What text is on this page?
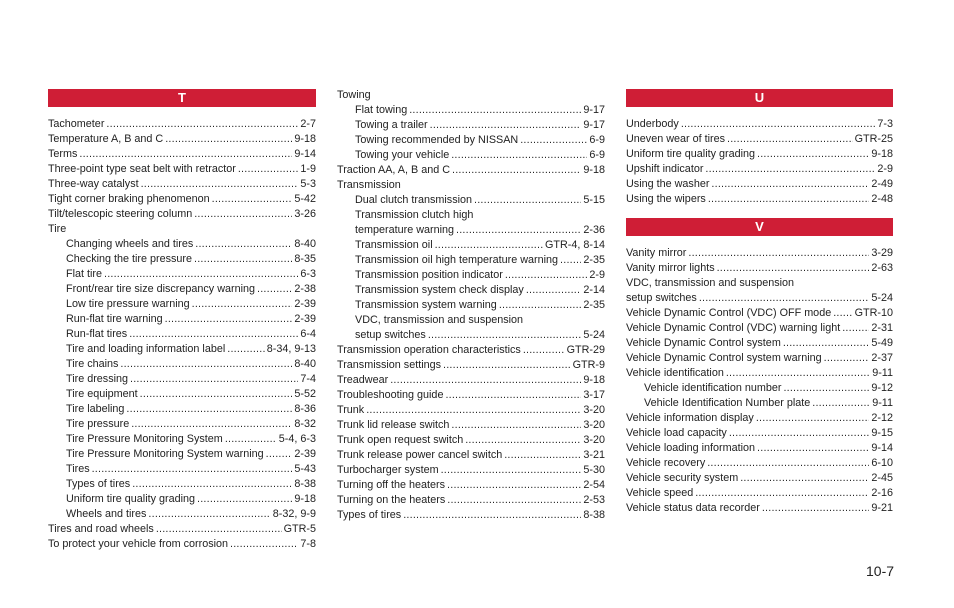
T
Tachometer .....	2-7
Temperature A, B and C .....	9-18
Terms .....	9-14
Three-point type seat belt with retractor .....	1-9
Three-way catalyst .....	5-3
Tight corner braking phenomenon .....	5-42
Tilt/telescopic steering column .....	3-26
Tire
Changing wheels and tires .....	8-40
Checking the tire pressure .....	8-35
Flat tire .....	6-3
Front/rear tire size discrepancy warning .....	2-38
Low tire pressure warning .....	2-39
Run-flat tire warning .....	2-39
Run-flat tires .....	6-4
Tire and loading information label .....	8-34, 9-13
Tire chains .....	8-40
Tire dressing .....	7-4
Tire equipment .....	5-52
Tire labeling .....	8-36
Tire pressure .....	8-32
Tire Pressure Monitoring System .....	5-4, 6-3
Tire Pressure Monitoring System warning .....	2-39
Tires .....	5-43
Types of tires .....	8-38
Uniform tire quality grading .....	9-18
Wheels and tires .....	8-32, 9-9
Tires and road wheels .....	GTR-5
To protect your vehicle from corrosion .....	7-8
Towing
Flat towing .....	9-17
Towing a trailer .....	9-17
Towing recommended by NISSAN .....	6-9
Towing your vehicle .....	6-9
Traction AA, A, B and C .....	9-18
Transmission
Dual clutch transmission .....	5-15
Transmission clutch high
temperature warning .....	2-36
Transmission oil .....	GTR-4, 8-14
Transmission oil high temperature warning ..... 2-35
Transmission position indicator .....	2-9
Transmission system check display .....	2-14
Transmission system warning .....	2-35
VDC, transmission and suspension
setup switches .....	5-24
Transmission operation characteristics .....	GTR-29
Transmission settings .....	GTR-9
Treadwear .....	9-18
Troubleshooting guide .....	3-17
Trunk .....	3-20
Trunk lid release switch .....	3-20
Trunk open request switch .....	3-20
Trunk release power cancel switch .....	3-21
Turbocharger system .....	5-30
Turning off the heaters .....	2-54
Turning on the heaters .....	2-53
Types of tires .....	8-38
U
Underbody .....	7-3
Uneven wear of tires .....	GTR-25
Uniform tire quality grading .....	9-18
Upshift indicator .....	2-9
Using the washer .....	2-49
Using the wipers .....	2-48
V
Vanity mirror .....	3-29
Vanity mirror lights .....	2-63
VDC, transmission and suspension
setup switches .....	5-24
Vehicle Dynamic Control (VDC) OFF mode ..... GTR-10
Vehicle Dynamic Control (VDC) warning light .....	2-31
Vehicle Dynamic Control system .....	5-49
Vehicle Dynamic Control system warning .....	2-37
Vehicle identification .....	9-11
Vehicle identification number .....	9-12
Vehicle Identification Number plate .....	9-11
Vehicle information display .....	2-12
Vehicle load capacity .....	9-15
Vehicle loading information .....	9-14
Vehicle recovery .....	6-10
Vehicle security system .....	2-45
Vehicle speed .....	2-16
Vehicle status data recorder .....	9-21
10-7
